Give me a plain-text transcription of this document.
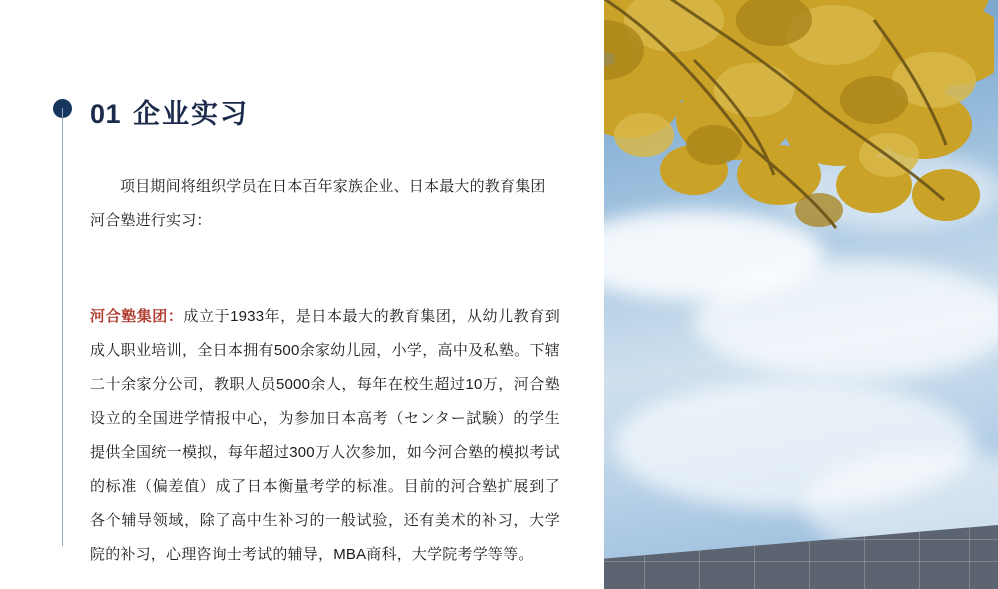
01 企业实习

项目期间将组织学员在日本百年家族企业、日本最大的教育集团河合塾进行实习：

河合塾集团：成立于1933年，是日本最大的教育集团，从幼儿教育到成人职业培训，全日本拥有500余家幼儿园，小学，高中及私塾。下辖二十余家分公司，教职人员5000余人，每年在校生超过10万，河合塾设立的全国进学情报中心，为参加日本高考（センター試験）的学生提供全国统一模拟，每年超过300万人次参加，如今河合塾的模拟考试的标准（偏差值）成了日本衡量考学的标准。目前的河合塾扩展到了各个辅导领域，除了高中生补习的一般试验，还有美术的补习，大学院的补习，心理咨询士考试的辅导，MBA商科，大学院考学等等。
